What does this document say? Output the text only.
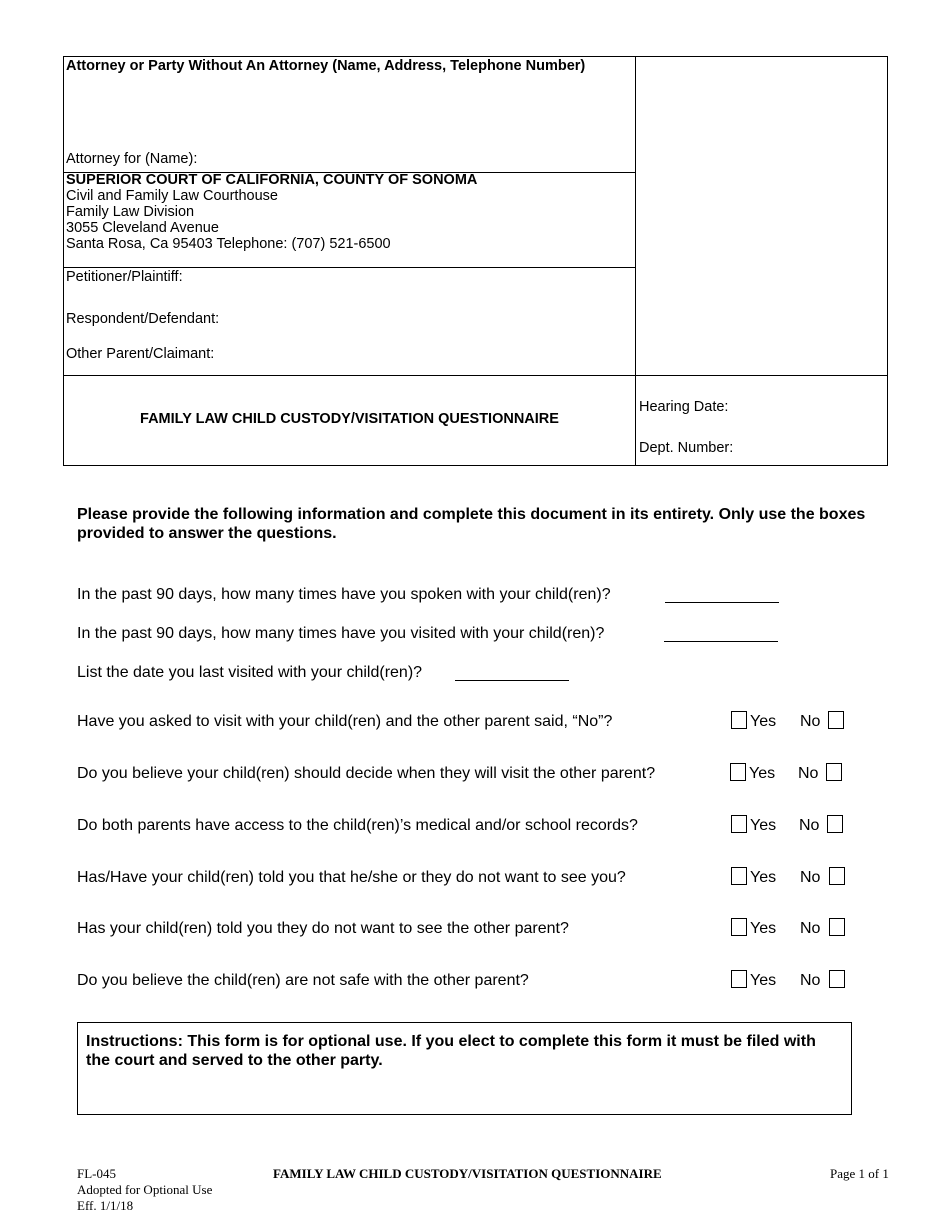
Attorney or Party Without An Attorney (Name, Address, Telephone Number)
Attorney for (Name):
SUPERIOR COURT OF CALIFORNIA, COUNTY OF SONOMA
Civil and Family Law Courthouse
Family Law Division
3055 Cleveland Avenue
Santa Rosa, Ca 95403 Telephone: (707) 521-6500
Petitioner/Plaintiff:
Respondent/Defendant:
Other Parent/Claimant:
FAMILY LAW CHILD CUSTODY/VISITATION QUESTIONNAIRE
Hearing Date:
Dept. Number:
Please provide the following information and complete this document in its entirety. Only use the boxes provided to answer the questions.
In the past 90 days, how many times have you spoken with your child(ren)?
In the past 90 days, how many times have you visited with your child(ren)?
List the date you last visited with your child(ren)?
Have you asked to visit with your child(ren) and the other parent said, “No”?	Yes No
Do you believe your child(ren) should decide when they will visit the other parent?	Yes No
Do both parents have access to the child(ren)’s medical and/or school records?	Yes No
Has/Have your child(ren) told you that he/she or they do not want to see you?	Yes No
Has your child(ren) told you they do not want to see the other parent?	Yes No
Do you believe the child(ren) are not safe with the other parent?	Yes No
Instructions: This form is for optional use. If you elect to complete this form it must be filed with the court and served to the other party.
FL-045
Adopted for Optional Use
Eff. 1/1/18
FAMILY LAW CHILD CUSTODY/VISITATION QUESTIONNAIRE	Page 1 of 1
